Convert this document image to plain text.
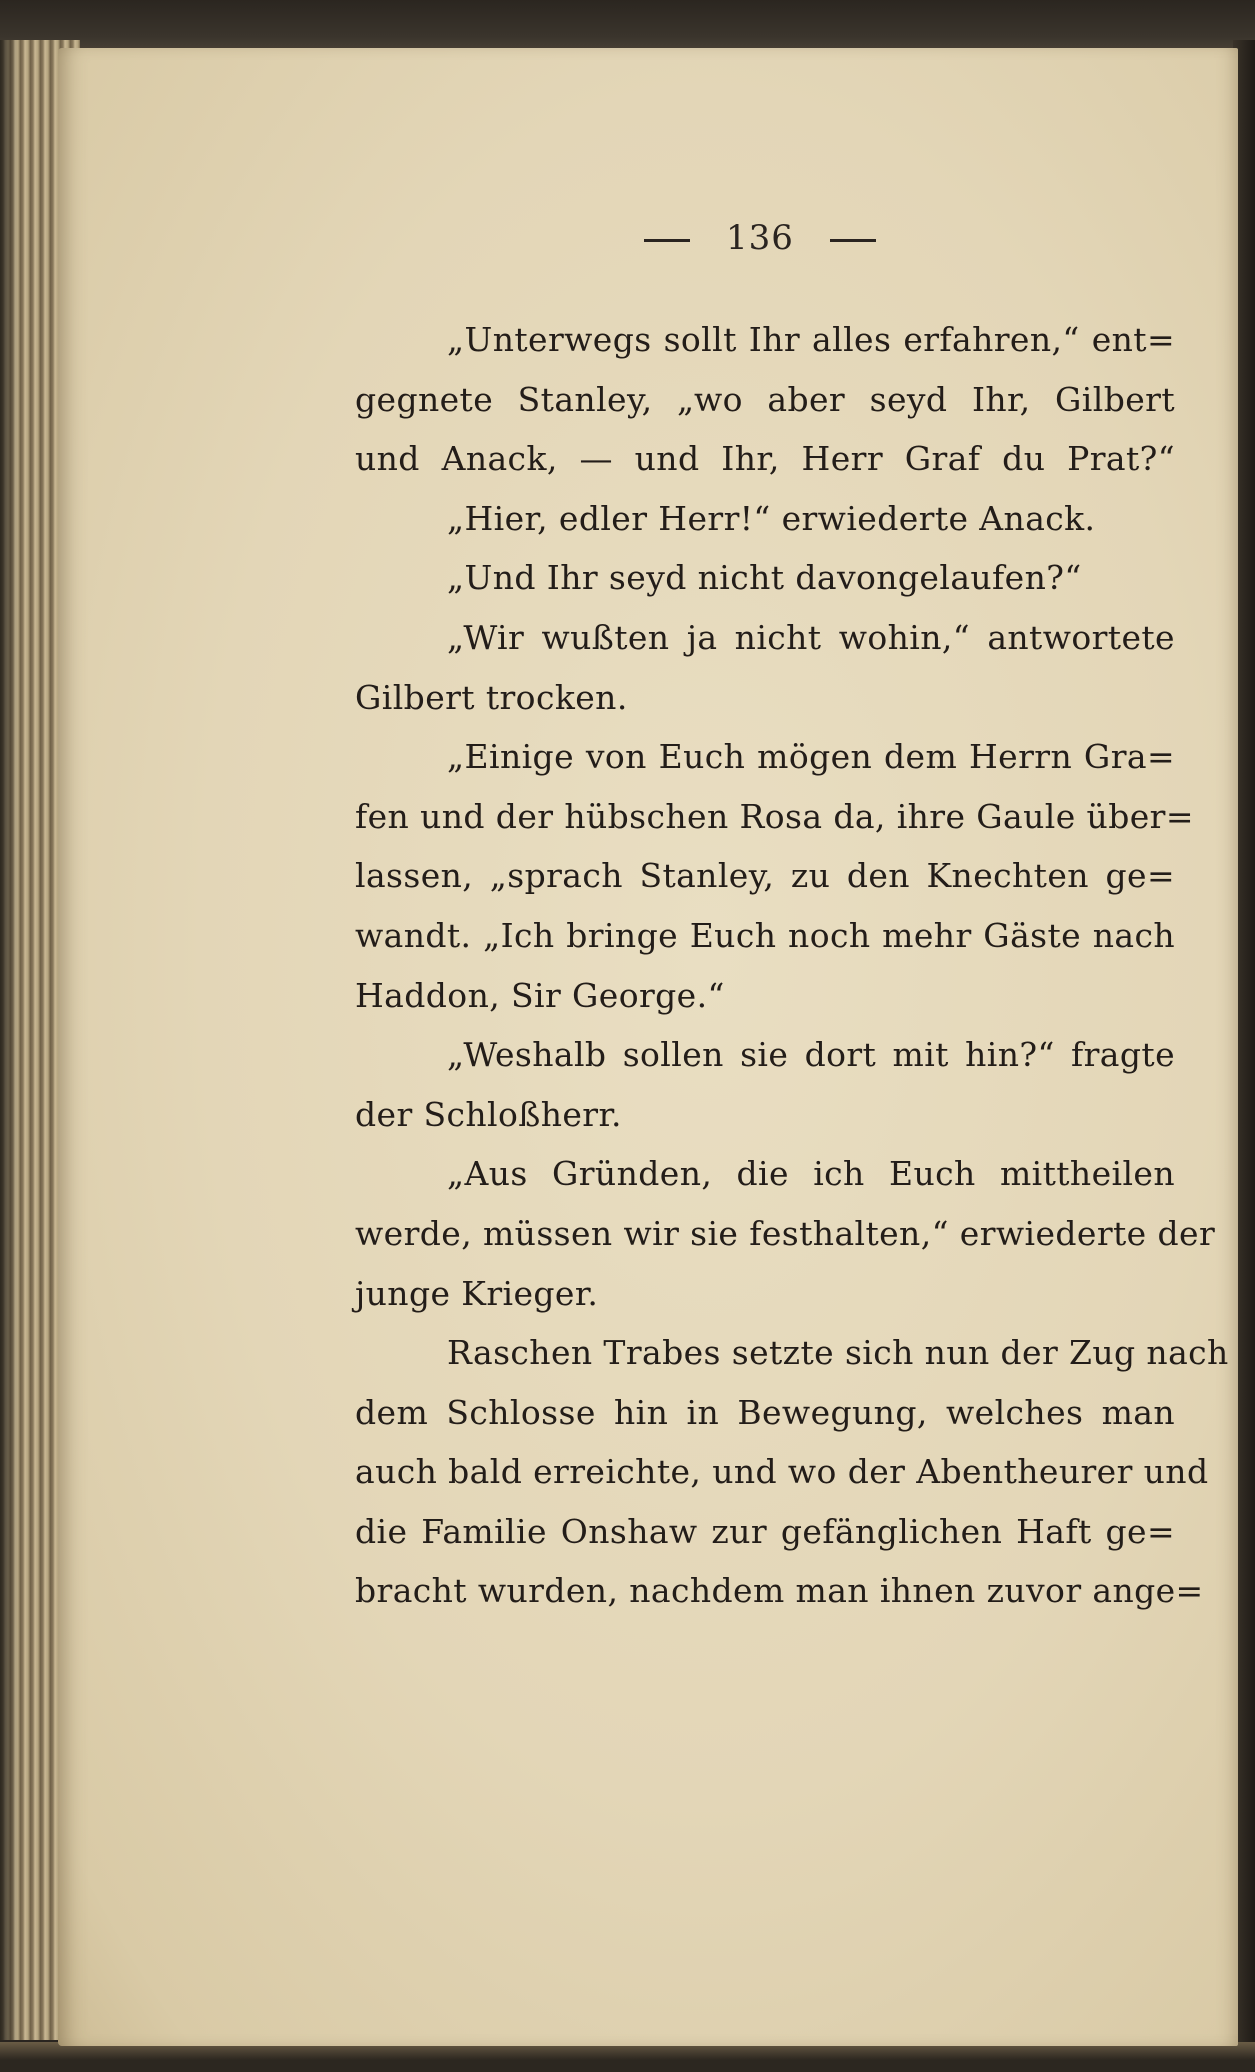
136
„Unterwegs sollt Ihr alles erfahren,“ ent=
gegnete Stanley, „wo aber seyd Ihr, Gilbert
und Anack, — und Ihr, Herr Graf du Prat?“
„Hier, edler Herr!“ erwiederte Anack.
„Und Ihr seyd nicht davongelaufen?“
„Wir wußten ja nicht wohin,“ antwortete
Gilbert trocken.
„Einige von Euch mögen dem Herrn Gra=
fen und der hübschen Rosa da, ihre Gaule über=
lassen, „sprach Stanley, zu den Knechten ge=
wandt. „Ich bringe Euch noch mehr Gäste nach
Haddon, Sir George.“
„Weshalb sollen sie dort mit hin?“ fragte
der Schloßherr.
„Aus Gründen, die ich Euch mittheilen
werde, müssen wir sie festhalten,“ erwiederte der
junge Krieger.
Raschen Trabes setzte sich nun der Zug nach
dem Schlosse hin in Bewegung, welches man
auch bald erreichte, und wo der Abentheurer und
die Familie Onshaw zur gefänglichen Haft ge=
bracht wurden, nachdem man ihnen zuvor ange=
